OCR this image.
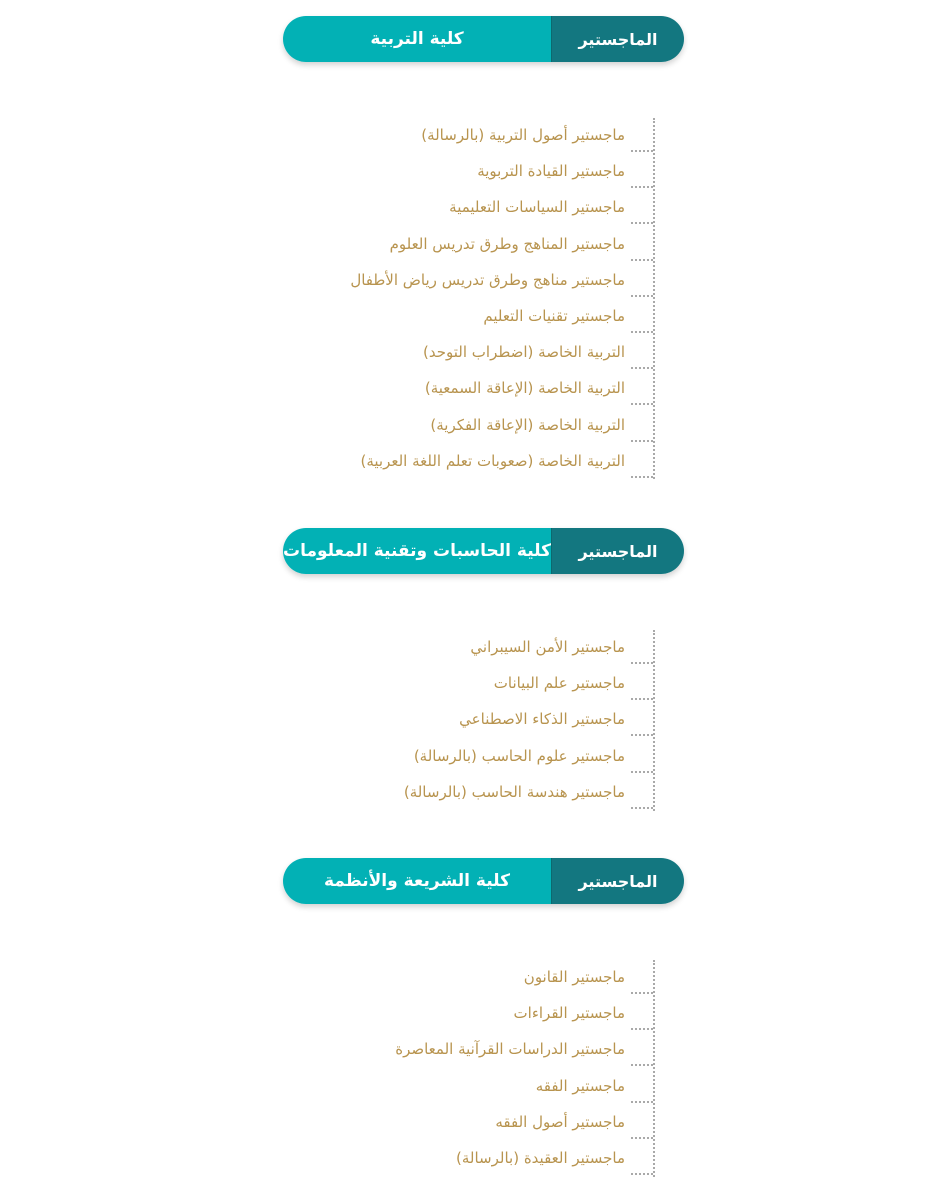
كلية التربية	الماجستير
ماجستير أصول التربية (بالرسالة)
ماجستير القيادة التربوية
ماجستير السياسات التعليمية
ماجستير المناهج وطرق تدريس العلوم
ماجستير مناهج وطرق تدريس رياض الأطفال
ماجستير تقنيات التعليم
التربية الخاصة (اضطراب التوحد)
التربية الخاصة (الإعاقة السمعية)
التربية الخاصة (الإعاقة الفكرية)
التربية الخاصة (صعوبات تعلم اللغة العربية)
كلية الحاسبات وتقنية المعلومات	الماجستير
ماجستير الأمن السيبراني
ماجستير علم البيانات
ماجستير الذكاء الاصطناعي
ماجستير علوم الحاسب (بالرسالة)
ماجستير هندسة الحاسب (بالرسالة)
كلية الشريعة والأنظمة	الماجستير
ماجستير القانون
ماجستير القراءات
ماجستير الدراسات القرآنية المعاصرة
ماجستير الفقه
ماجستير أصول الفقه
ماجستير العقيدة (بالرسالة)
